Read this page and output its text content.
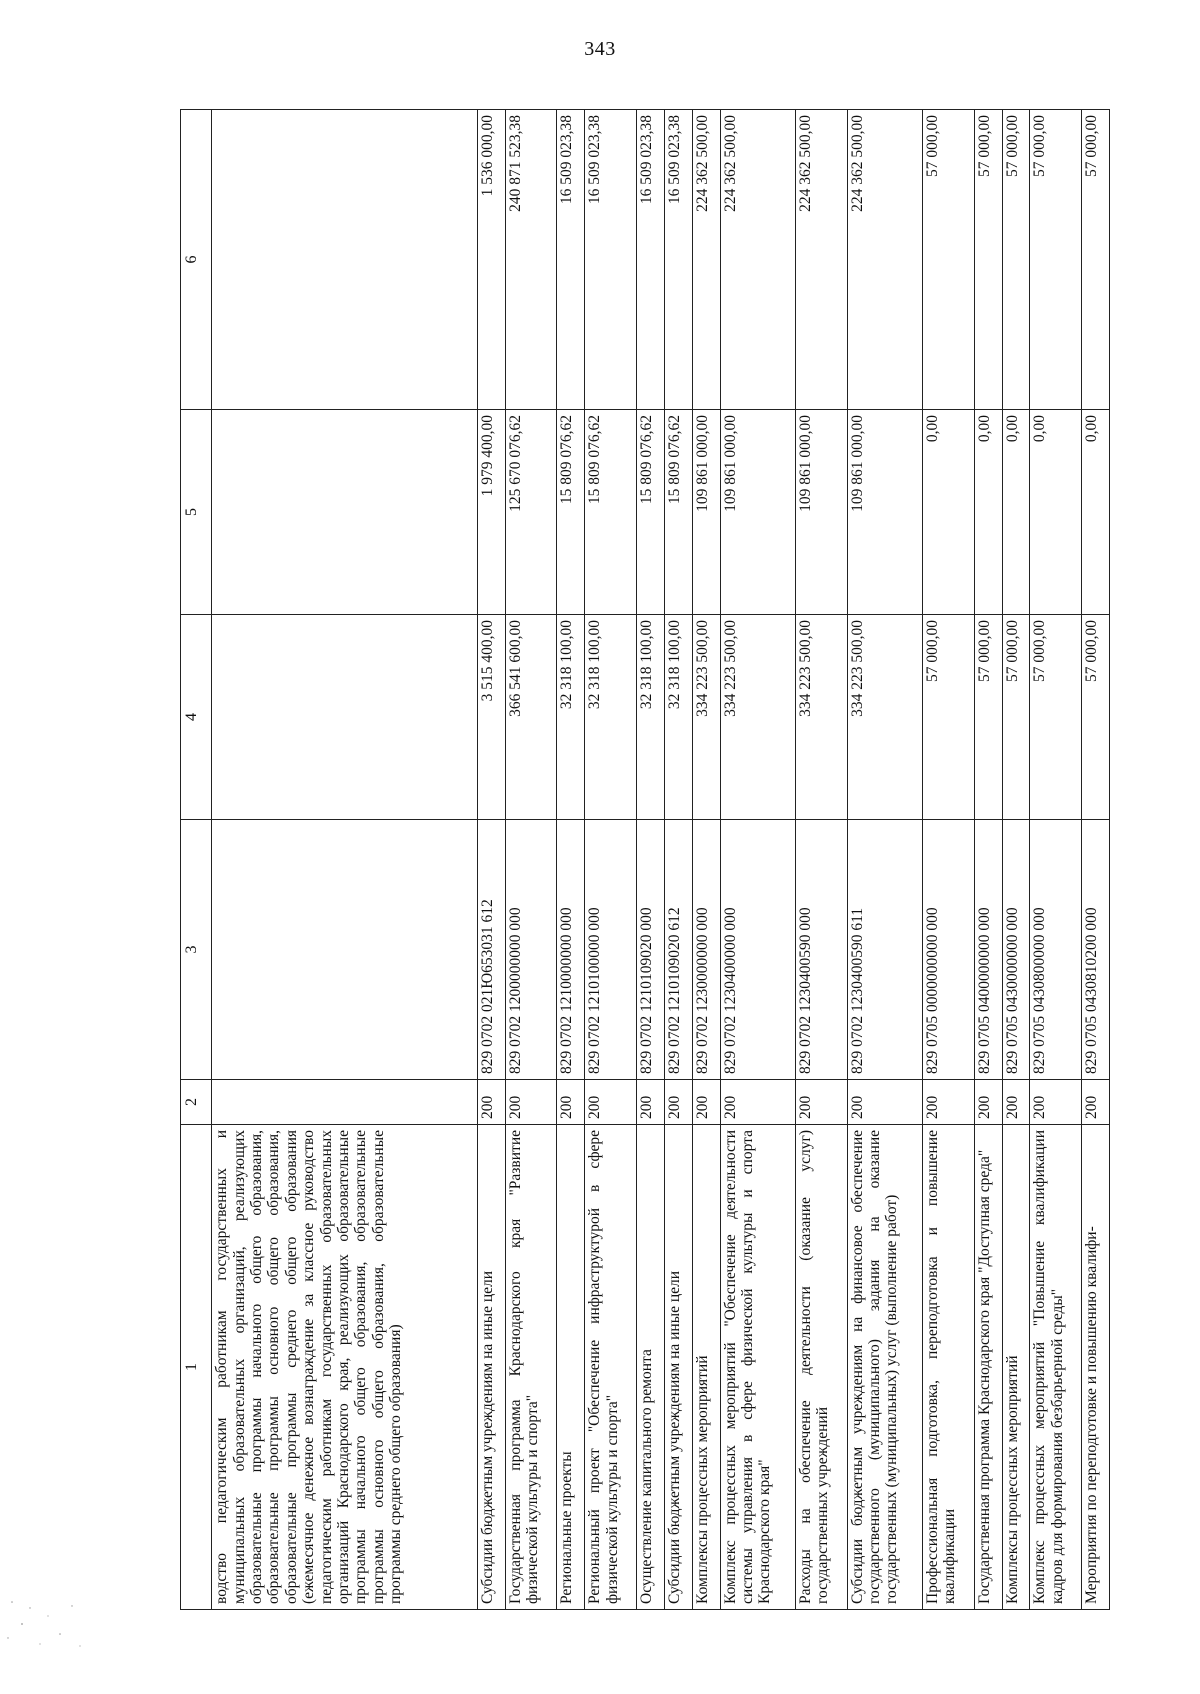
343
1	2	3	4	5	6
водство педагогическим работникам государственных и муниципальных образовательных организаций, реализующих образовательные программы начального общего образования, образовательные программы основного общего образования, образовательные программы среднего общего образования (ежемесячное денежное вознаграждение за классное руководство педагогическим работникам государственных образовательных организаций Краснодарского края, реализующих образовательные программы начального общего образования, образовательные программы основного общего образования, образовательные программы среднего общего образования)					
Субсидии бюджетным учреждениям на иные цели	200	829 0702 021Ю653031 612	3 515 400,00	1 979 400,00	1 536 000,00
Государственная программа Краснодарского края "Развитие физической культуры и спорта"	200	829 0702 1200000000 000	366 541 600,00	125 670 076,62	240 871 523,38
Региональные проекты	200	829 0702 1210000000 000	32 318 100,00	15 809 076,62	16 509 023,38
Региональный проект "Обеспечение инфраструктурой в сфере физической культуры и спорта"	200	829 0702 1210100000 000	32 318 100,00	15 809 076,62	16 509 023,38
Осуществление капитального ремонта	200	829 0702 1210109020 000	32 318 100,00	15 809 076,62	16 509 023,38
Субсидии бюджетным учреждениям на иные цели	200	829 0702 1210109020 612	32 318 100,00	15 809 076,62	16 509 023,38
Комплексы процессных мероприятий	200	829 0702 1230000000 000	334 223 500,00	109 861 000,00	224 362 500,00
Комплекс процессных мероприятий "Обеспечение деятельности системы управления в сфере физической культуры и спорта Краснодарского края"	200	829 0702 1230400000 000	334 223 500,00	109 861 000,00	224 362 500,00
Расходы на обеспечение деятельности (оказание услуг) государственных учреждений	200	829 0702 1230400590 000	334 223 500,00	109 861 000,00	224 362 500,00
Субсидии бюджетным учреждениям на финансовое обеспечение государственного (муниципального) задания на оказание государственных (муниципальных) услуг (выполнение работ)	200	829 0702 1230400590 611	334 223 500,00	109 861 000,00	224 362 500,00
Профессиональная подготовка, переподготовка и повышение квалификации	200	829 0705 0000000000 000	57 000,00	0,00	57 000,00
Государственная программа Краснодарского края "Доступная среда"	200	829 0705 0400000000 000	57 000,00	0,00	57 000,00
Комплексы процессных мероприятий	200	829 0705 0430000000 000	57 000,00	0,00	57 000,00
Комплекс процессных мероприятий "Повышение квалификации кадров для формирования безбарьерной среды"	200	829 0705 0430800000 000	57 000,00	0,00	57 000,00
Мероприятия по переподготовке и повышению квалифи-	200	829 0705 0430810200 000	57 000,00	0,00	57 000,00
